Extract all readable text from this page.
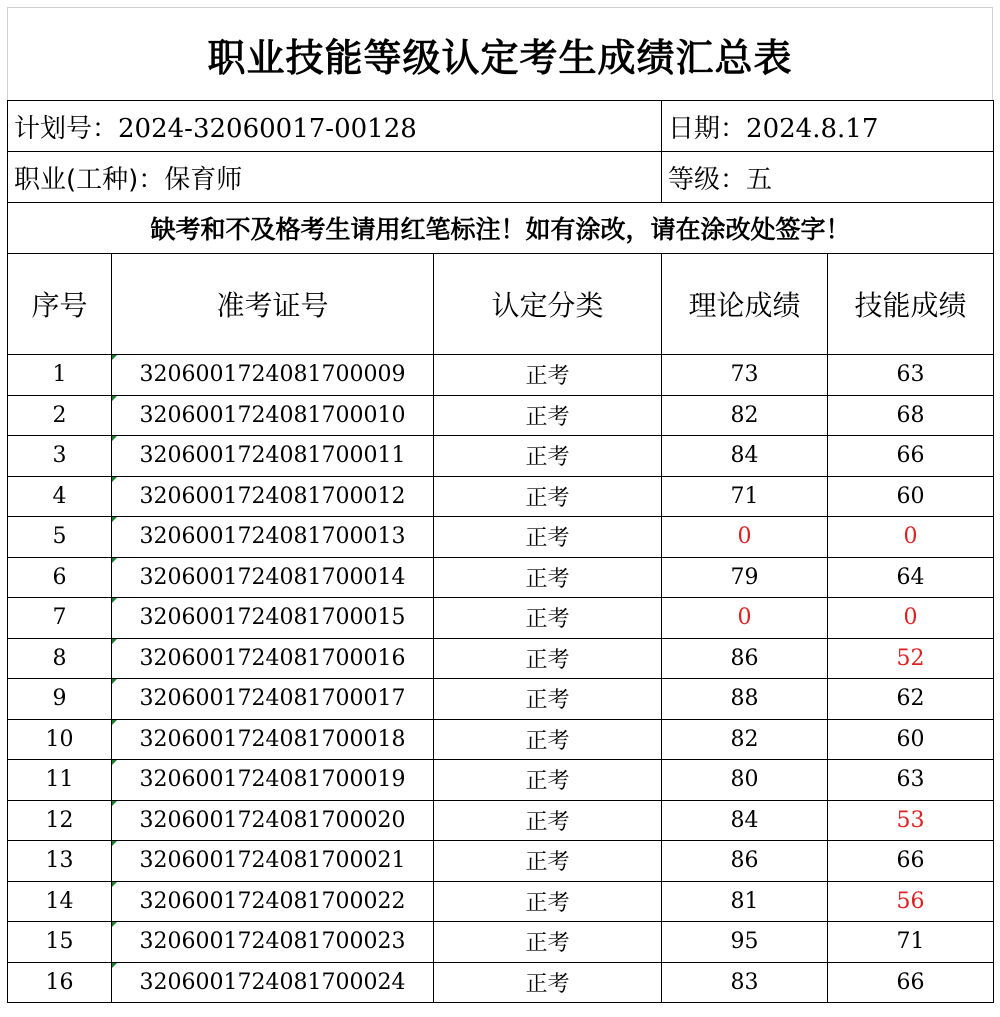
职业技能等级认定考生成绩汇总表
计划号：2024-32060017-00128			日期：2024.8.17	
职业(工种)：保育师			等级：五	
缺考和不及格考生请用红笔标注！如有涂改，请在涂改处签字！				
序号	准考证号	认定分类	理论成绩	技能成绩
1	3206001724081700009	正考	73	63
2	3206001724081700010	正考	82	68
3	3206001724081700011	正考	84	66
4	3206001724081700012	正考	71	60
5	3206001724081700013	正考	0	0
6	3206001724081700014	正考	79	64
7	3206001724081700015	正考	0	0
8	3206001724081700016	正考	86	52
9	3206001724081700017	正考	88	62
10	3206001724081700018	正考	82	60
11	3206001724081700019	正考	80	63
12	3206001724081700020	正考	84	53
13	3206001724081700021	正考	86	66
14	3206001724081700022	正考	81	56
15	3206001724081700023	正考	95	71
16	3206001724081700024	正考	83	66
